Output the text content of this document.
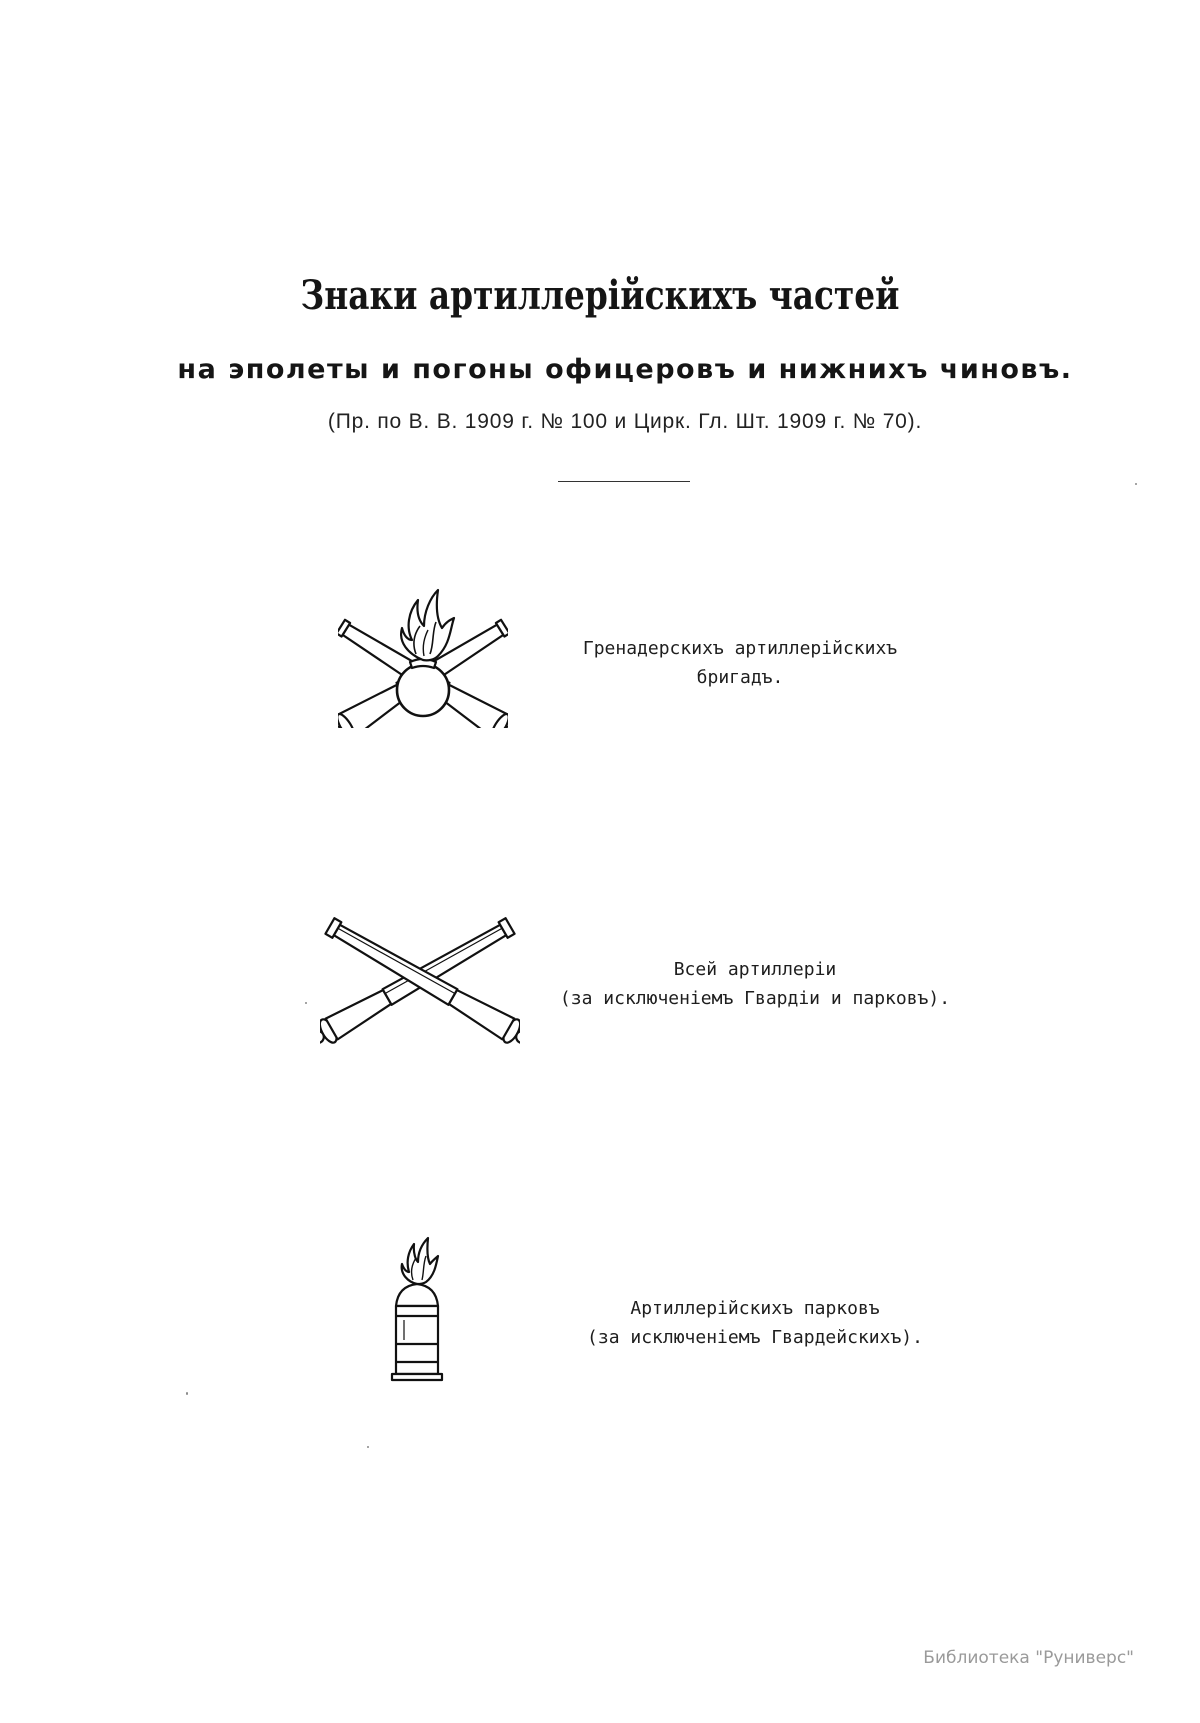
Знаки артиллерiйскихъ частей
на эполеты и погоны офицеровъ и нижнихъ чиновъ.
(Пр. по В. В. 1909 г. № 100 и Цирк. Гл. Шт. 1909 г. № 70).
Гренадерскихъ артиллерiйскихъ
бригадъ.
Всей артиллерiи
(за исключенiемъ Гвардiи и парковъ).
Артиллерiйскихъ парковъ
(за исключенiемъ Гвардейскихъ).
Библиотека "Руниверс"
